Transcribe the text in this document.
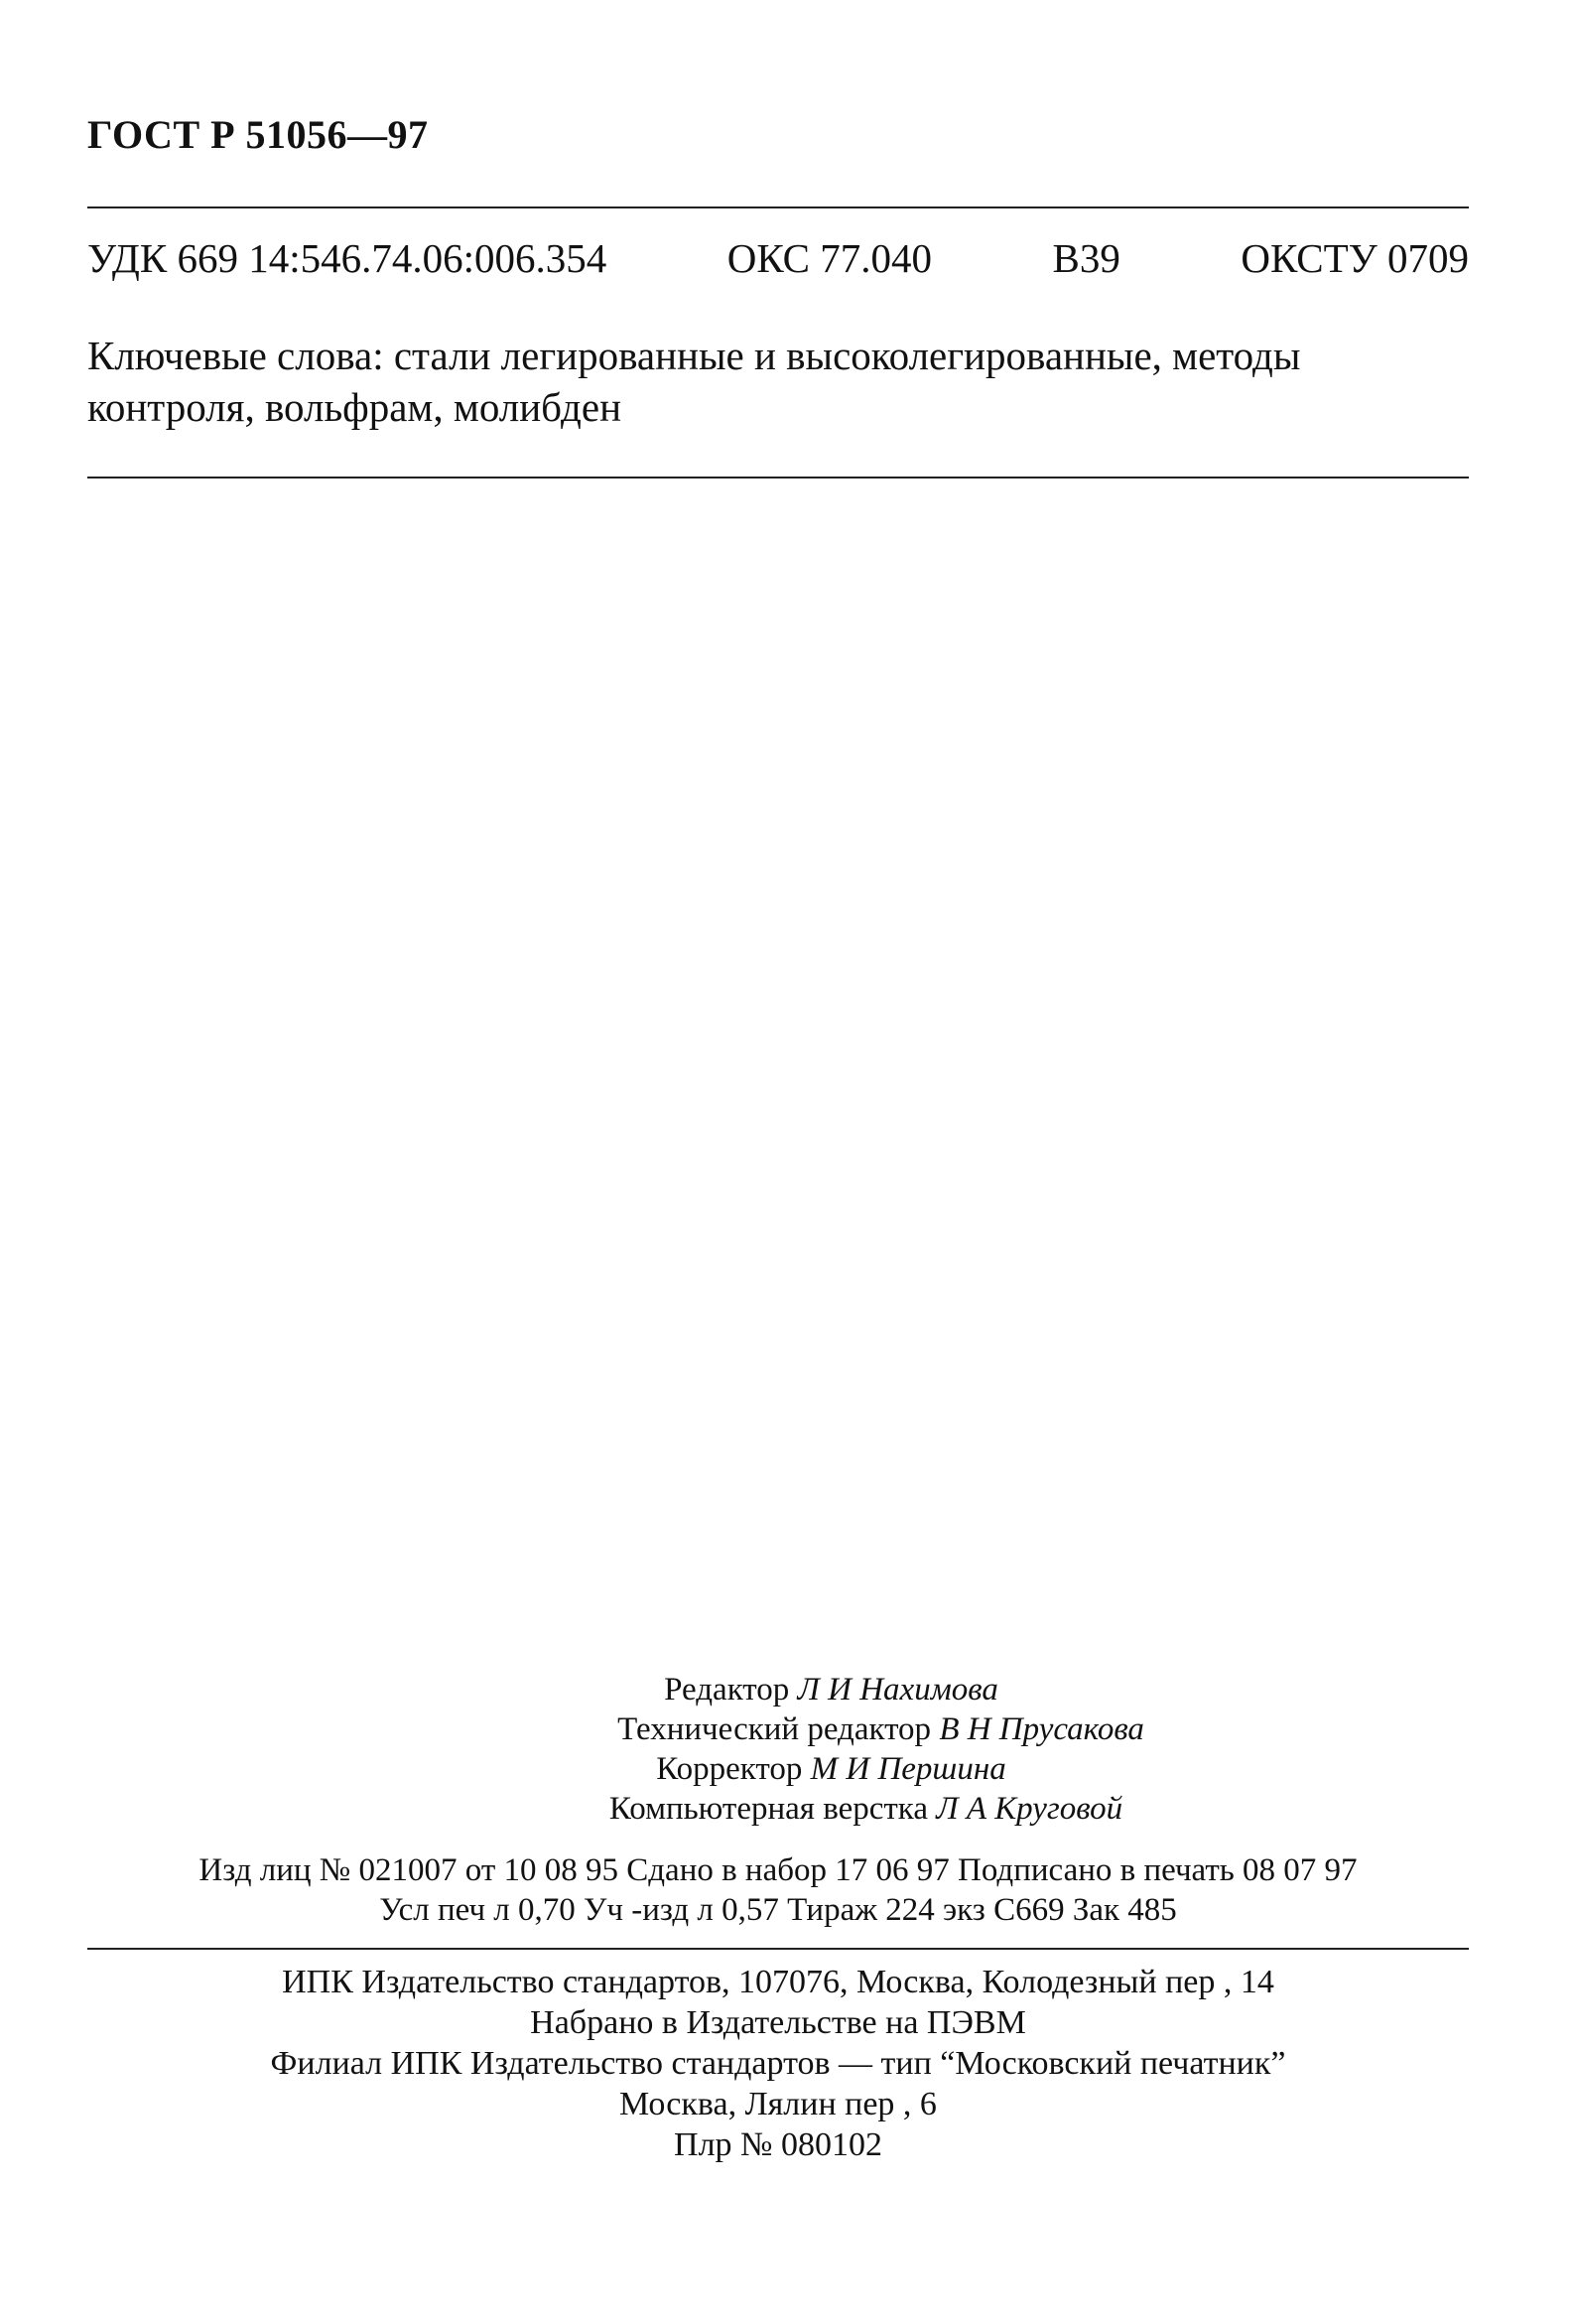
ГОСТ Р 51056—97
УДК 669 14:546.74.06:006.354	ОКС 77.040	В39	ОКСТУ 0709
Ключевые слова: стали легированные и высоколегированные, методы
контроля, вольфрам, молибден
Редактор Л И Нахимова
Технический редактор В Н Прусакова
Корректор М И Першина
Компьютерная верстка Л А Круговой
Изд лиц № 021007 от 10 08 95 Сдано в набор 17 06 97 Подписано в печать 08 07 97
Усл печ л 0,70 Уч -изд л 0,57 Тираж 224 экз С669 Зак 485
ИПК Издательство стандартов, 107076, Москва, Колодезный пер , 14
Набрано в Издательстве на ПЭВМ
Филиал ИПК Издательство стандартов — тип “Московский печатник”
Москва, Лялин пер , 6
Плр № 080102
